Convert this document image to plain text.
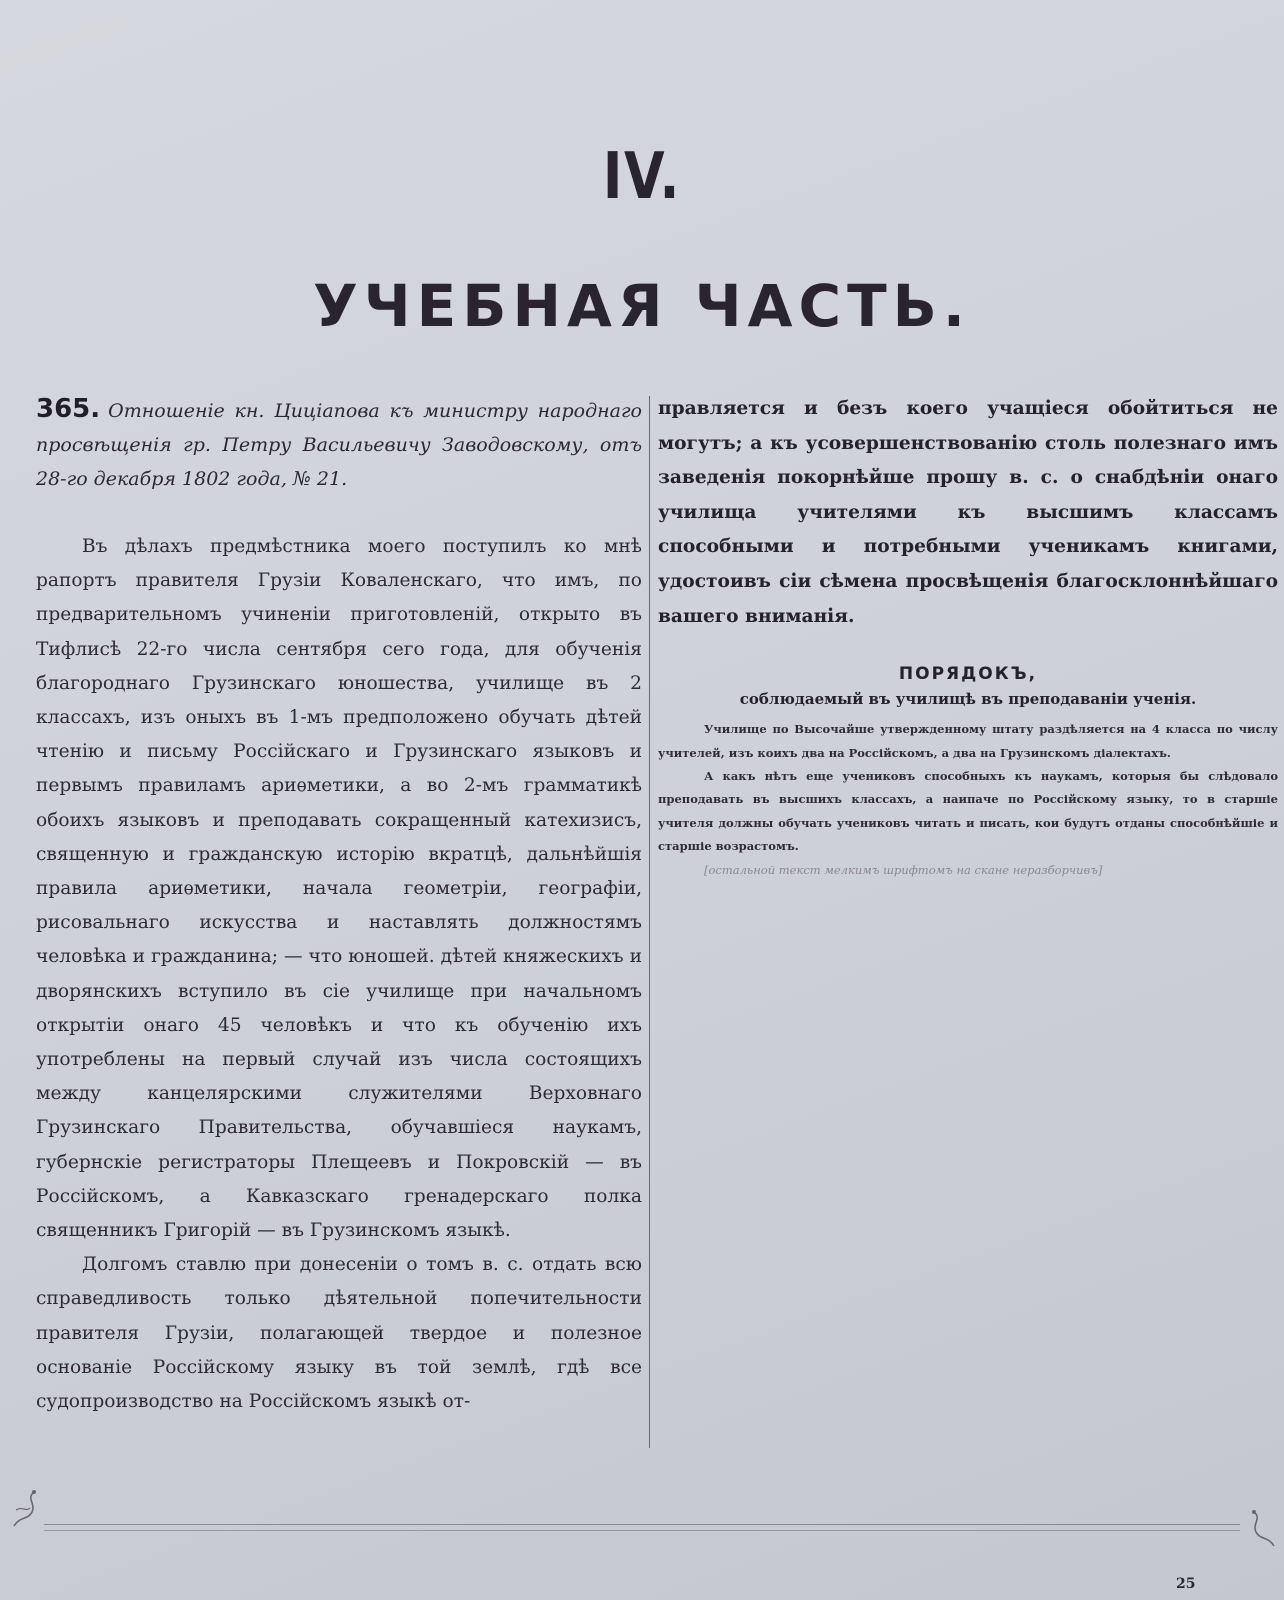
IV.
УЧЕБНАЯ ЧАСТЬ.

365. Отношеніе кн. Цицianова къ министру народнаго просвѣщенія гр. Петру Васильевичу Заводовскому, отъ 28-го декабря 1802 года, № 21.

Въ дѣлахъ предмѣстника моего поступилъ ко мнѣ рапортъ правителя Грузіи Коваленскаго, что имъ, по предварительномъ учиненіи приготовленій, открыто въ Тифлисѣ 22-го числа сентября сего года, для обученія благороднаго Грузинскаго юношества, училище въ 2 классахъ, изъ оныхъ въ 1-мъ предположено обучать дѣтей чтенію и письму Россійскаго и Грузинскаго языковъ и первымъ правиламъ ариѳметики, а во 2-мъ грамматикѣ обоихъ языковъ и преподавать сокращенный катехизисъ, священную и гражданскую исторію вкратцѣ, дальнѣйшія правила ариѳметики, начала геометріи, географіи, рисовальнаго искусства и наставлять должностямъ человѣка и гражданина; — что юношей. дѣтей княжескихъ и дворянскихъ вступило въ сіе училище при начальномъ открытіи онаго 45 человѣкъ и что къ обученію ихъ употреблены на первый случай изъ числа состоящихъ между канцелярскими служителями Верховнаго Грузинскаго Правительства, обучавшіеся наукамъ, губернскіе регистраторы Плещеевъ и Покровскій — въ Россійскомъ, а Кавказскаго гренадерскаго полка священникъ Григорій — въ Грузинскомъ языкѣ.

Долгомъ ставлю при донесеніи о томъ в. с. отдать всю справедливость только дѣятельной попечительности правителя Грузіи, полагающей твердое и полезное основаніе Россійскому языку въ той землѣ, гдѣ все судопроизводство на Россійскомъ языкѣ от-

правляется и безъ коего учащіеся обойтиться не могутъ; а къ усовершенствованію столь полезнаго имъ заведенія покорнѣйше прошу в. с. о снабдѣніи онаго училища учителями къ высшимъ классамъ способными и потребными ученикамъ книгами, удостоивъ сіи сѣмена просвѣщенія благосклоннѣйшаго вашего вниманія.

ПОРЯДОКЪ,
соблюдаемый въ училищѣ въ преподаваніи ученія.

Училище по Высочайше утвержденному штату раздѣляется на 4 класса по числу учителей, изъ коихъ два на Россійскомъ, а два на Грузинскомъ діалектахъ.

А какъ нѣтъ еще учениковъ способныхъ къ наукамъ, которыя бы слѣдовало преподавать въ высшихъ классахъ, а наипаче по Россійскому языку, то в старшіе учителя должны обучать учениковъ читать и писать, кои будутъ отданы способнѣйшіе и старшіе возрастомъ.

[остальной текст мелкимъ шрифтомъ на скане неразборчивъ]

25
